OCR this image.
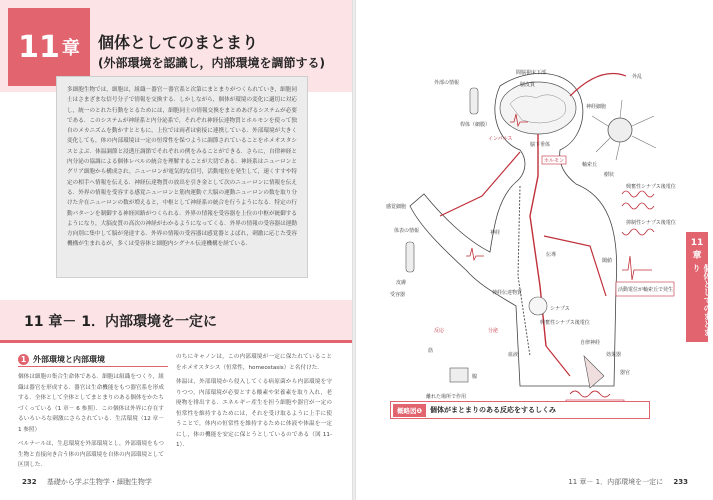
11 章 個体としてのまとまり
(外部環境を認識し，内部環境を調節する)

多細胞生物では，細胞は，組織－器官－器官系と次第にまとまりがつくられていき，細胞同士はさまざまな信号分子で情報を交換する．しかしながら，個体が環境の変化に適切に対応し，統一のとれた行動をとるためには，細胞同士の情報交換をまとめあげるシステムが必要である．このシステムが神経系と内分泌系で，それぞれ神経伝達物質とホルモンを使って独自のメカニズムを動かすとともに，上位では両者は密接に連携している．外部環境が大きく変化しても，体の内部環境は一定の恒常性を保つように調節されていることをホメオスタシスとよぶ．体温調節と浸透圧調節でそれぞれの例をみることができる．さらに，自律神経と内分泌の協調による個体レベルの統合を理解することが大切である．神経系はニューロンとグリア細胞から構成され，ニューロンが電気的な信号，活動電位を発生して，速くすすや特定の相手へ情報を伝える．神経伝達物質の放出を引き金として次のニューロンに情報を伝える．外界の情報を受容する感覚ニューロンと筋肉運動ぐ大脳の運動ニューロンの数を取り分けた介在ニューロンの数が増えると，中枢として神経系の統合を行うようになる．特定の行動パターンを制御する神経回路がつくられる．外界の情報を受容器を上位の中枢が統御するようになり，大脳皮質の高次の神経がわかるようになってくる．外界の情報の受容器は運動方向別に集中して脳が発達する．外界の情報の受容器は感覚器とよばれ，刺激に応じた受容機構が生まれるが，多くは受容体と細胞内シグナル伝達機構を経ている．

11 章－ 1．内部環境を一定に
1 外部環境と内部環境

個体は細胞の集合生命体である．細胞は組織をつくり，組織は器官を形成する．器官は生命機能をもつ器官系を形成する．全体として全体としてまとまりのある個体をかたちづくっている（1 章－ 6 参照）．この個体は外界に存在するいろいろな刺激にさらされている．生活環境（12 章－ 1 参照）

ベルナールは，生息環境を外部環境とし，外部環境をもつ生物と直接向き合う体の内部環境を自体の内部環境として区別した．

のちにキャノンは，この内部環境が一定に保たれていることをホメオスタシス（恒常性，homeostasis）と名付けた．

体温は，外部環境から侵入してくる病原菌から内部環境を守りつつ，内部環境が必要とする酸素や栄養素を取り入れ，老廃物を排出する．エネルギー産生を担う細胞や器官が一定の恒常性を維持するためには，それを受け取るように上手に使うことで，体内の恒常性を維持するために体液や体温を一定にし，体の機能を安定に保とうとしているのである（図 11-1）．

232 基礎から学ぶ生物学・細胞生物学
外部の情報
桿体（網膜）
間脳視床下部
脳皮質
脳下垂体
インパルス
ホルモン
外乱
神経細胞
軸索丘
樹状
興奮性シナプス後電位
抑制性シナプス後電位
閾値
活動電位が軸索丘で発生
体表の情報
皮膚
感覚細胞
受容器
神経
伝導
神経伝達物質
シナプス
興奮性シナプス後電位
効果器
自律神経
筋
腺
血液
器官
離れた場所で作用
反応	分泌
概略図❶	個体がまとまりのある反応をするしくみ
11 章
個体としてのまとまり
11 章－ 1．内部環境を一定に 233
